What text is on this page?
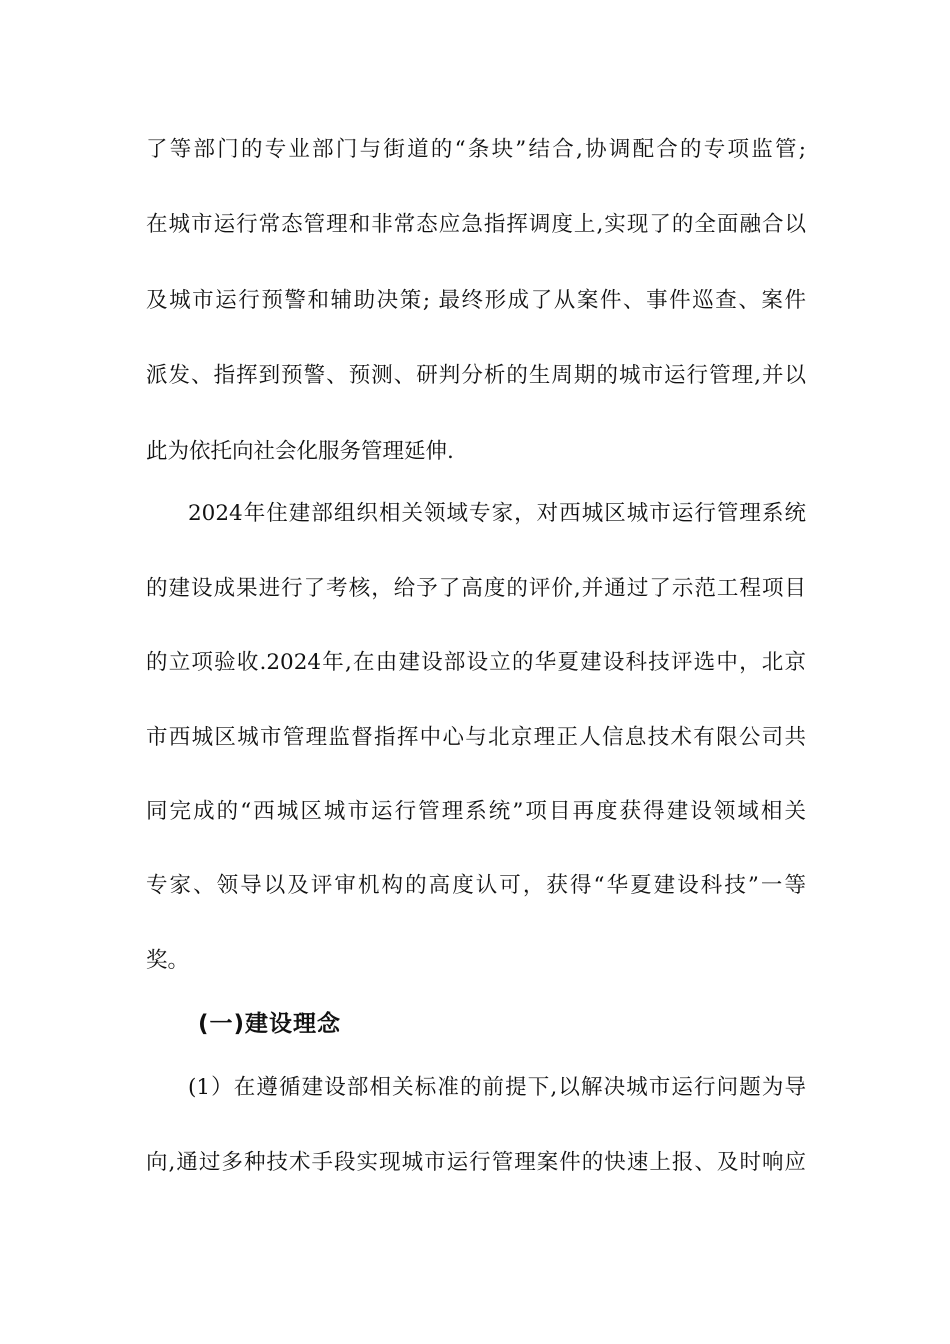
了等部门的专业部门与街道的“条块”结合,协调配合的专项监管;
在城市运行常态管理和非常态应急指挥调度上,实现了的全面融合以
及城市运行预警和辅助决策; 最终形成了从案件、事件巡查、案件
派发、指挥到预警、预测、研判分析的生周期的城市运行管理,并以
此为依托向社会化服务管理延伸.
2024年住建部组织相关领域专家，对西城区城市运行管理系统
的建设成果进行了考核，给予了高度的评价,并通过了示范工程项目
的立项验收.2024年,在由建设部设立的华夏建设科技评选中，北京
市西城区城市管理监督指挥中心与北京理正人信息技术有限公司共
同完成的“西城区城市运行管理系统”项目再度获得建设领域相关
专家、领导以及评审机构的高度认可，获得“华夏建设科技”一等
奖。
(一)建设理念
(1）在遵循建设部相关标准的前提下,以解决城市运行问题为导
向,通过多种技术手段实现城市运行管理案件的快速上报、及时响应
